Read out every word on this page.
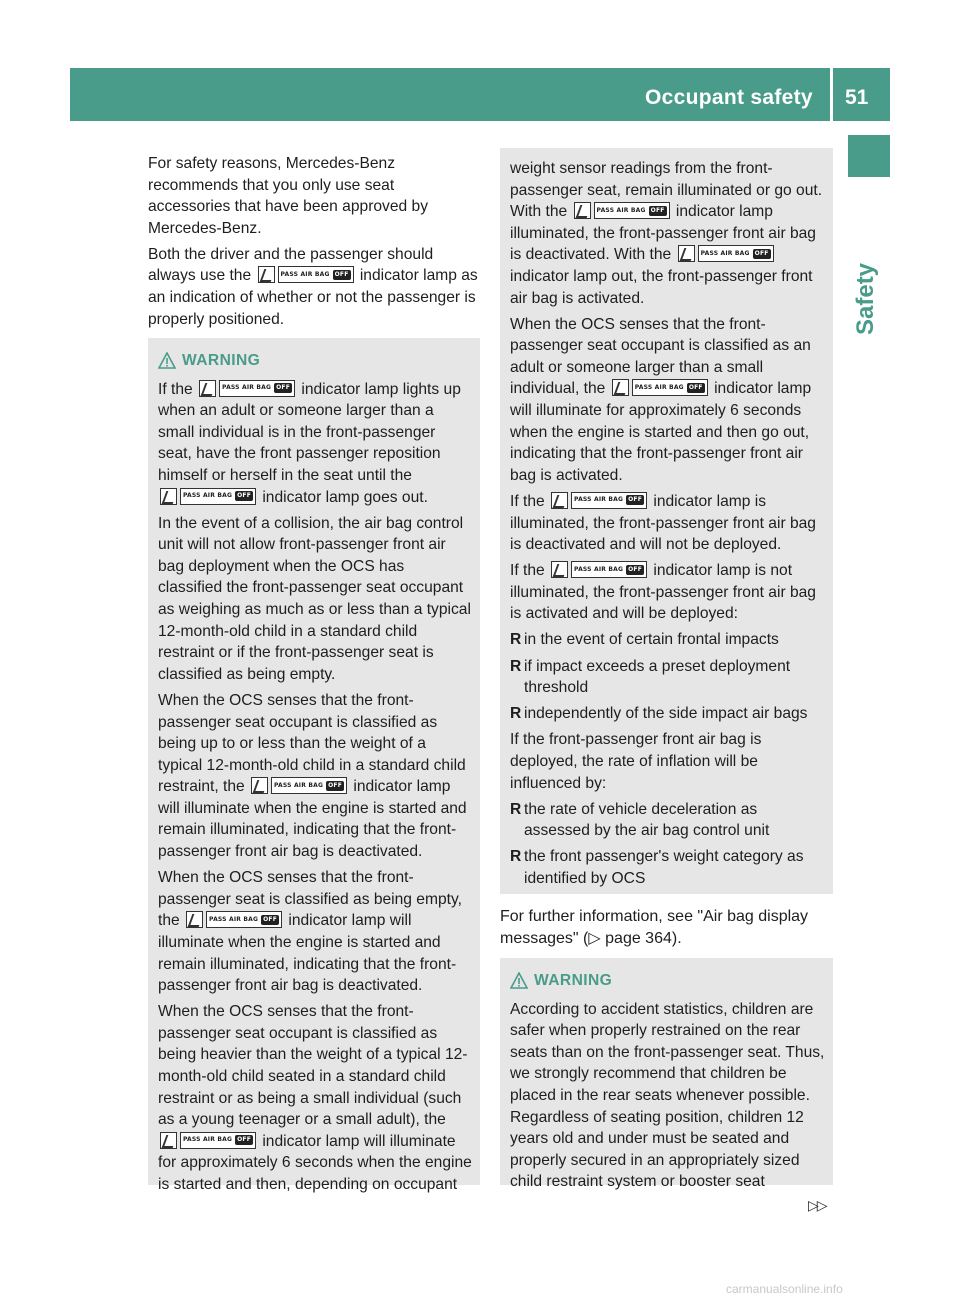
Occupant safety 51
Safety

For safety reasons, Mercedes-Benz recommends that you only use seat accessories that have been approved by Mercedes-Benz.

Both the driver and the passenger should always use the	PASS AIR BAG OFF indicator lamp as an indication of whether or not the passenger is properly positioned.

WARNING

If the	PASS AIR BAG OFF indicator lamp lights up when an adult or someone larger than a small individual is in the front-passenger seat, have the front passenger reposition himself or herself in the seat until the
PASS AIR BAG OFF indicator lamp goes out.

In the event of a collision, the air bag control unit will not allow front-passenger front air bag deployment when the OCS has classified the front-passenger seat occupant as weighing as much as or less than a typical 12-month-old child in a standard child restraint or if the front-passenger seat is classified as being empty.

When the OCS senses that the front-passenger seat occupant is classified as being up to or less than the weight of a typical 12-month-old child in a standard child restraint, the	PASS AIR BAG OFF indicator lamp will illuminate when the engine is started and remain illuminated, indicating that the front-passenger front air bag is deactivated.

When the OCS senses that the front-passenger seat is classified as being empty, the	PASS AIR BAG OFF indicator lamp will illuminate when the engine is started and remain illuminated, indicating that the front-passenger front air bag is deactivated.

When the OCS senses that the front-passenger seat occupant is classified as being heavier than the weight of a typical 12-month-old child seated in a standard child restraint or as being a small individual (such as a young teenager or a small adult), the
PASS AIR BAG OFF indicator lamp will illuminate for approximately 6 seconds when the engine is started and then, depending on occupant

weight sensor readings from the front-passenger seat, remain illuminated or go out. With the	PASS AIR BAG OFF indicator lamp illuminated, the front-passenger front air bag is deactivated. With the	PASS AIR BAG OFF
indicator lamp out, the front-passenger front air bag is activated.

When the OCS senses that the front-passenger seat occupant is classified as an adult or someone larger than a small individual, the	PASS AIR BAG OFF indicator lamp will illuminate for approximately 6 seconds when the engine is started and then go out, indicating that the front-passenger front air bag is activated.

If the	PASS AIR BAG OFF indicator lamp is illuminated, the front-passenger front air bag is deactivated and will not be deployed.

If the	PASS AIR BAG OFF indicator lamp is not illuminated, the front-passenger front air bag is activated and will be deployed:

R in the event of certain frontal impacts
R if impact exceeds a preset deployment threshold
R independently of the side impact air bags

If the front-passenger front air bag is deployed, the rate of inflation will be influenced by:

R the rate of vehicle deceleration as assessed by the air bag control unit
R the front passenger's weight category as identified by OCS

For further information, see "Air bag display messages" (▷ page 364).

WARNING

According to accident statistics, children are safer when properly restrained on the rear seats than on the front-passenger seat. Thus, we strongly recommend that children be placed in the rear seats whenever possible. Regardless of seating position, children 12 years old and under must be seated and properly secured in an appropriately sized child restraint system or booster seat

▷▷
carmanualsonline.info
